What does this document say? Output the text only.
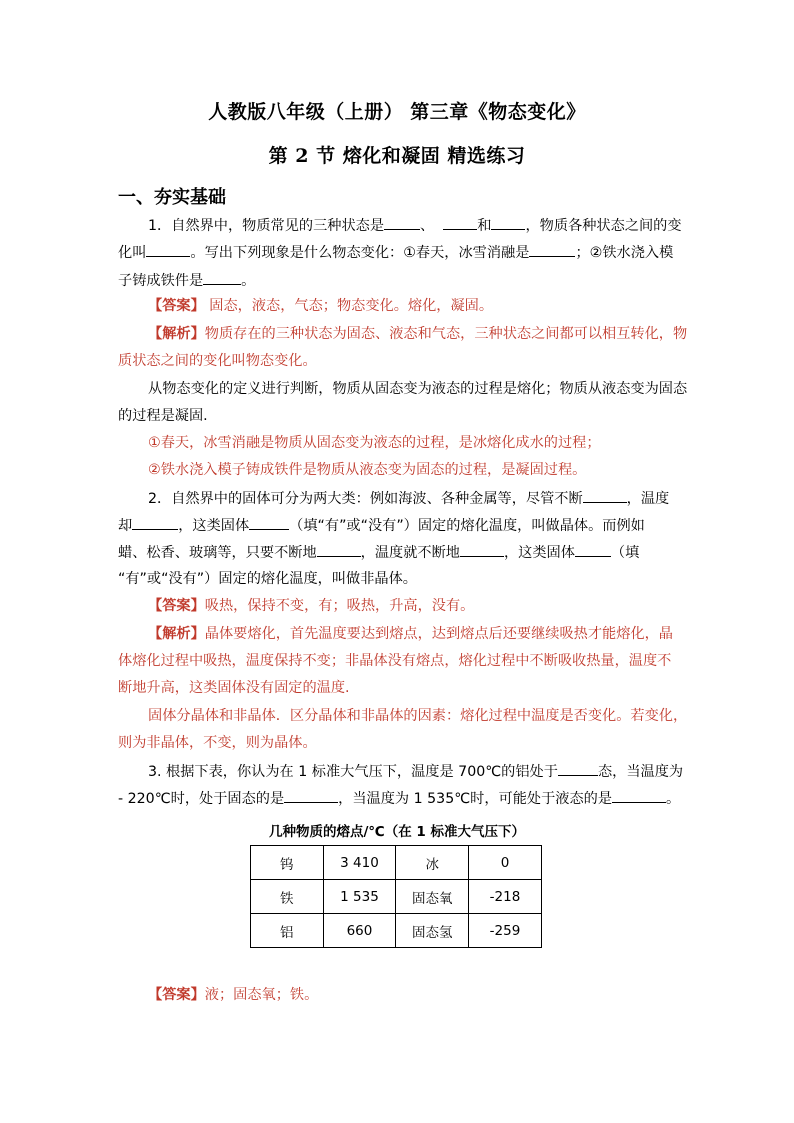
人教版八年级（上册） 第三章《物态变化》
第 2 节 熔化和凝固 精选练习
一、夯实基础
1．自然界中，物质常见的三种状态是	、	和 ，物质各种状态之间的变
化叫	。写出下列现象是什么物态变化：①春天，冰雪消融是	；②铁水浇入模
子铸成铁件是	。
【答案】 固态，液态，气态；物态变化。熔化，凝固。
【解析】物质存在的三种状态为固态、液态和气态，三种状态之间都可以相互转化，物
质状态之间的变化叫物态变化。
从物态变化的定义进行判断，物质从固态变为液态的过程是熔化；物质从液态变为固态
的过程是凝固.
①春天，冰雪消融是物质从固态变为液态的过程，是冰熔化成水的过程；
②铁水浇入模子铸成铁件是物质从液态变为固态的过程，是凝固过程。
2．自然界中的固体可分为两大类：例如海波、各种金属等，尽管不断	，温度
却	，这类固体	（填“有”或“没有”）固定的熔化温度，叫做晶体。而例如
蜡、松香、玻璃等，只要不断地	，温度就不断地	，这类固体	（填
“有”或“没有”）固定的熔化温度，叫做非晶体。
【答案】吸热，保持不变，有；吸热，升高，没有。
【解析】晶体要熔化，首先温度要达到熔点，达到熔点后还要继续吸热才能熔化，晶
体熔化过程中吸热，温度保持不变；非晶体没有熔点，熔化过程中不断吸收热量，温度不
断地升高，这类固体没有固定的温度.
固体分晶体和非晶体．区分晶体和非晶体的因素：熔化过程中温度是否变化。若变化，
则为非晶体，不变，则为晶体。
3. 根据下表，你认为在 1 标准大气压下，温度是 700℃的铝处于	态，当温度为
- 220℃时，处于固态的是	，当温度为 1 535℃时，可能处于液态的是	。
几种物质的熔点/℃（在 1 标准大气压下）
钨	3 410	冰	0
铁	1 535	固态氧	-218
铝	660	固态氢	-259
【答案】液；固态氧；铁。
